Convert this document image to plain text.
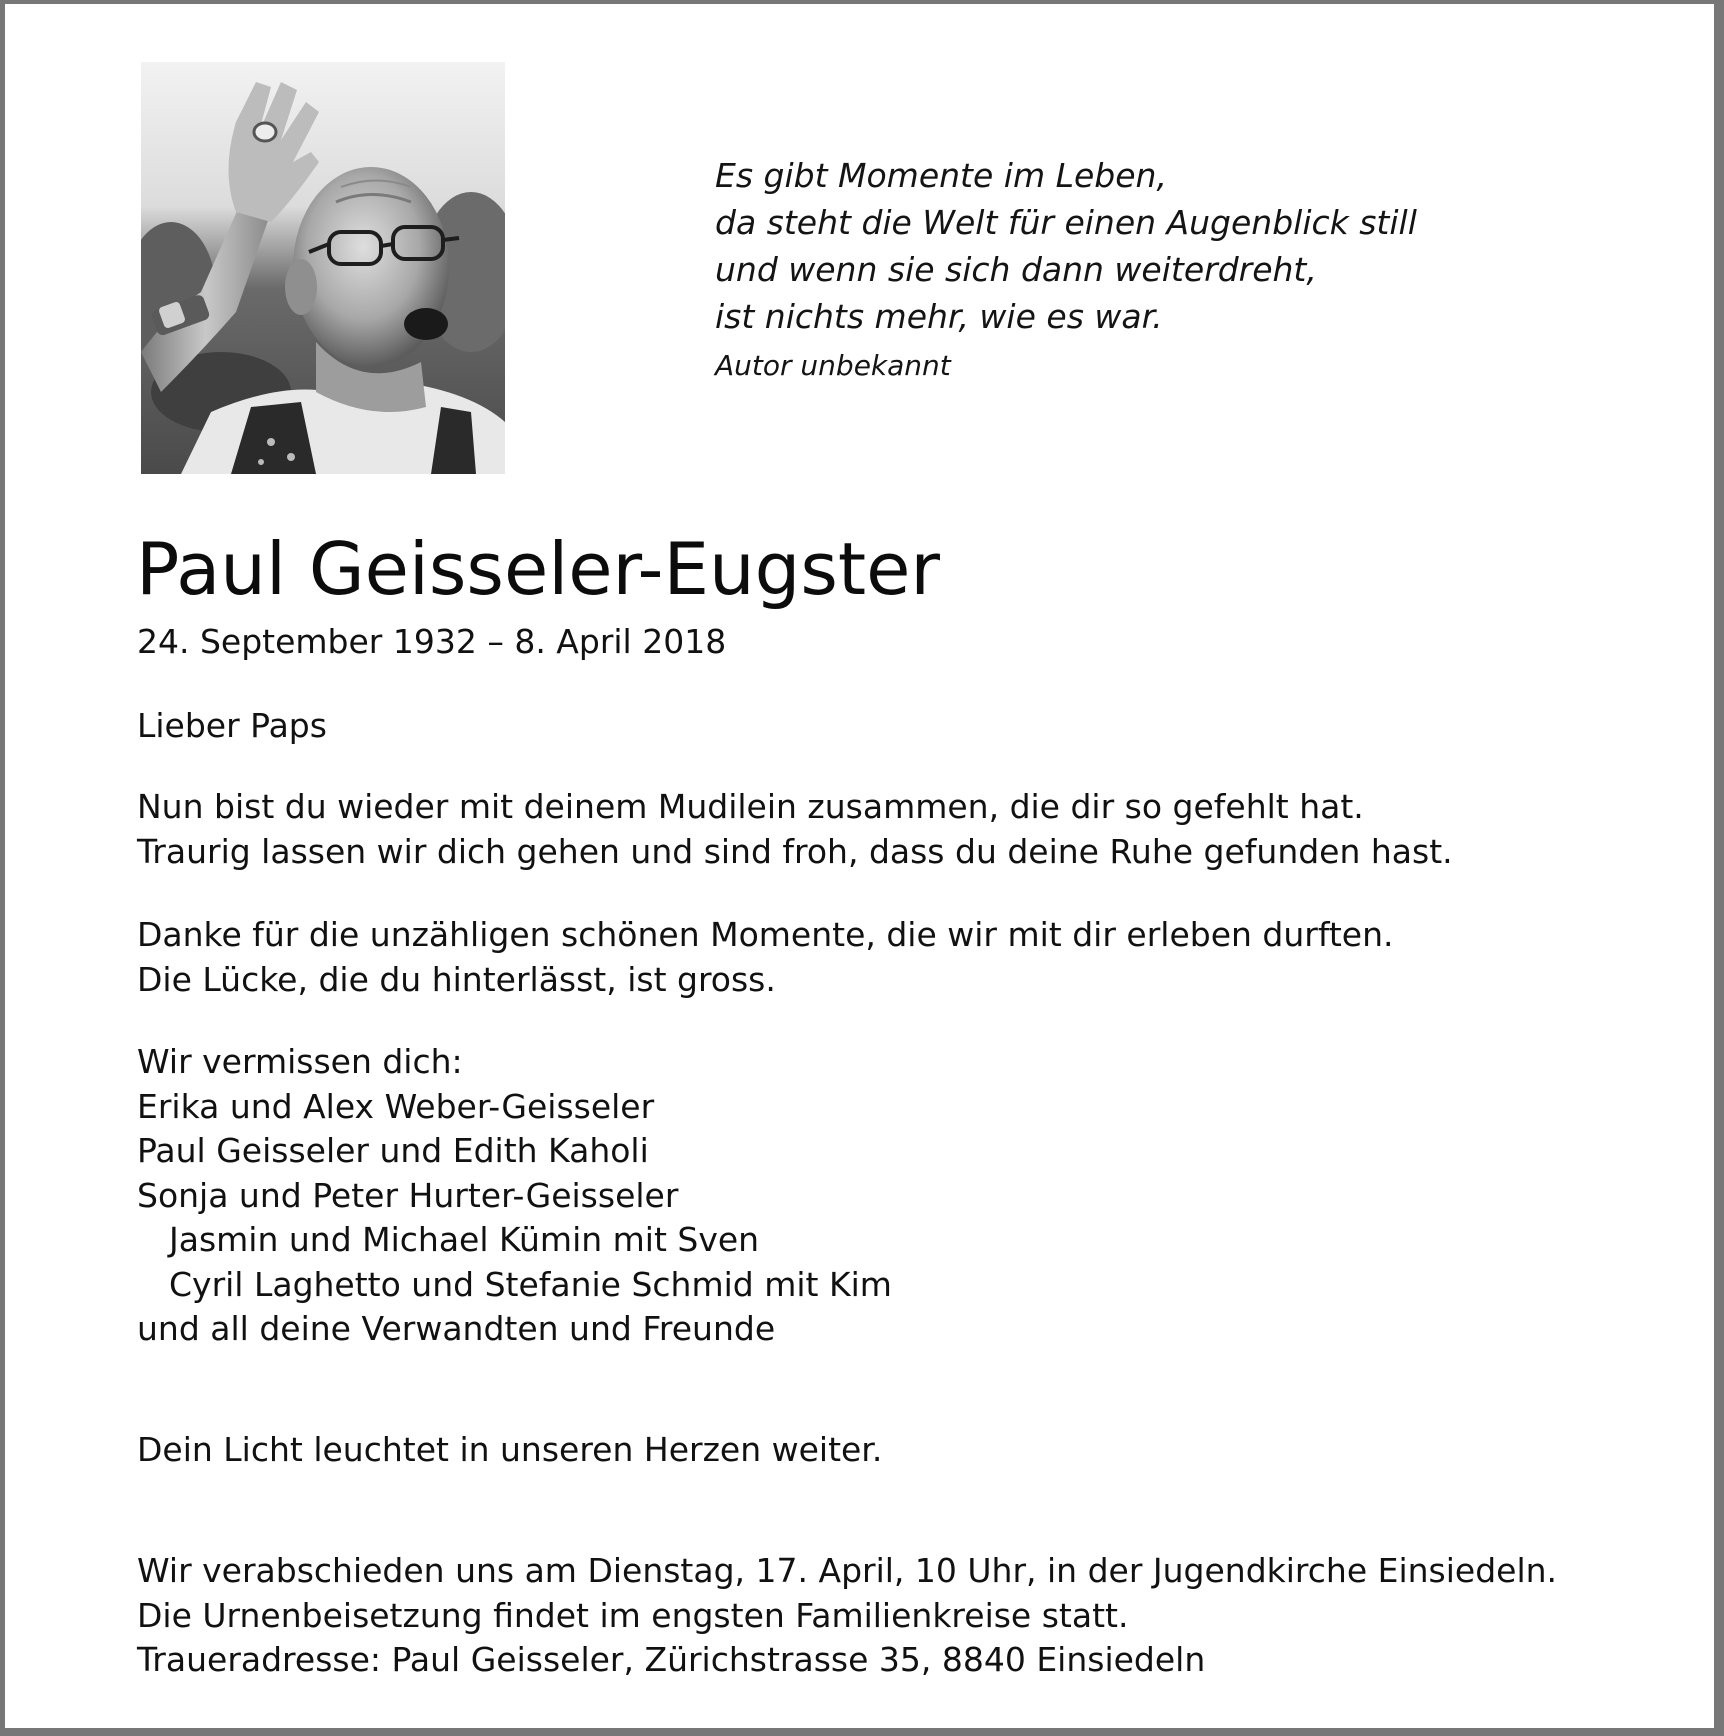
Es gibt Momente im Leben,
da steht die Welt für einen Augenblick still
und wenn sie sich dann weiterdreht,
ist nichts mehr, wie es war.
Autor unbekannt
Paul Geisseler-Eugster
24. September 1932 – 8. April 2018
Lieber Paps
Nun bist du wieder mit deinem Mudilein zusammen, die dir so gefehlt hat.
Traurig lassen wir dich gehen und sind froh, dass du deine Ruhe gefunden hast.
Danke für die unzähligen schönen Momente, die wir mit dir erleben durften.
Die Lücke, die du hinterlässt, ist gross.
Wir vermissen dich:
Erika und Alex Weber-Geisseler
Paul Geisseler und Edith Kaholi
Sonja und Peter Hurter-Geisseler
Jasmin und Michael Kümin mit Sven
Cyril Laghetto und Stefanie Schmid mit Kim
und all deine Verwandten und Freunde
Dein Licht leuchtet in unseren Herzen weiter.
Wir verabschieden uns am Dienstag, 17. April, 10 Uhr, in der Jugendkirche Einsiedeln.
Die Urnenbeisetzung findet im engsten Familienkreise statt.
Traueradresse: Paul Geisseler, Zürichstrasse 35, 8840 Einsiedeln
